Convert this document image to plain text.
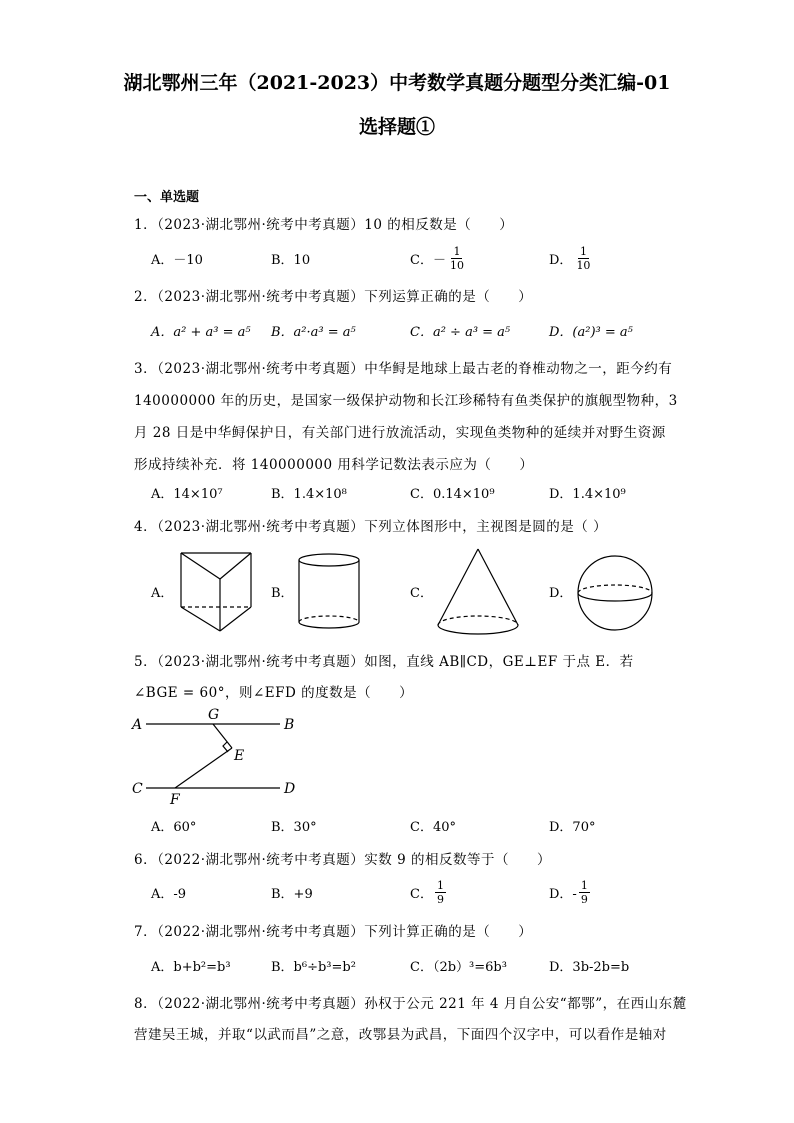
湖北鄂州三年（2021-2023）中考数学真题分题型分类汇编-01
选择题①
一、单选题
1．（2023·湖北鄂州·统考中考真题）10 的相反数是（　　）
A．－10	B．10	C．－ $\frac{1}{10}$	D． $\frac{1}{10}$
2．（2023·湖北鄂州·统考中考真题）下列运算正确的是（　　）
A．a² + a³ = a⁵ B．a²·a³ = a⁵	C．a² ÷ a³ = a⁵	D．(a²)³ = a⁵
3．（2023·湖北鄂州·统考中考真题）中华鲟是地球上最古老的脊椎动物之一，距今约有
140000000 年的历史，是国家一级保护动物和长江珍稀特有鱼类保护的旗舰型物种，3
月 28 日是中华鲟保护日，有关部门进行放流活动，实现鱼类物种的延续并对野生资源
形成持续补充．将 140000000 用科学记数法表示应为（　　）
A．14×10⁷	B．1.4×10⁸	C．0.14×10⁹	D．1.4×10⁹
4．（2023·湖北鄂州·统考中考真题）下列立体图形中，主视图是圆的是（ ）
A．	B．	C．	D．
5．（2023·湖北鄂州·统考中考真题）如图，直线 AB∥CD，GE⊥EF 于点 E．若
∠BGE = 60°，则∠EFD 的度数是（　　）
A
G
B
E
C
F
D
A．60°	B．30°	C．40°	D．70°
6．（2022·湖北鄂州·统考中考真题）实数 9 的相反数等于（　　）
A．-9	B．+9	C． $\frac{1}{9}$	D．- $\frac{1}{9}$
7．（2022·湖北鄂州·统考中考真题）下列计算正确的是（　　）
A．b+b²=b³	B．b⁶÷b³=b²	C．（2b）³=6b³	D．3b-2b=b
8．（2022·湖北鄂州·统考中考真题）孙权于公元 221 年 4 月自公安“都鄂”，在西山东麓
营建吴王城，并取“以武而昌”之意，改鄂县为武昌，下面四个汉字中，可以看作是轴对
